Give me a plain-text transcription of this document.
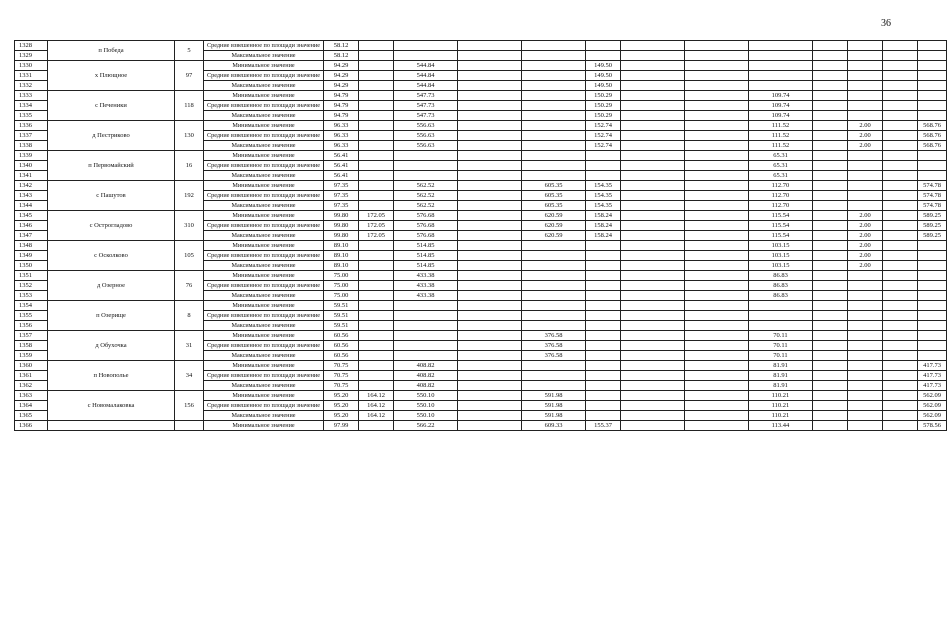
36
1328	п Победа	5	Средние взвешенное по площади значение	58.12												
1329			Максимальное значение	58.12												
1330	х Плющное	97	Минимальное значение	94.29		544.84			149.50							
1331			Средние взвешенное по площади значение	94.29		544.84			149.50							
1332			Максимальное значение	94.29		544.84			149.50							
1333	с Печеники	118	Минимальное значение	94.79		547.73			150.29			109.74				
1334			Средние взвешенное по площади значение	94.79		547.73			150.29			109.74				
1335			Максимальное значение	94.79		547.73			150.29			109.74				
1336	д Пестриково	130	Минимальное значение	96.33		556.63			152.74			111.52		2.00		568.76
1337			Средние взвешенное по площади значение	96.33		556.63			152.74			111.52		2.00		568.76
1338			Максимальное значение	96.33		556.63			152.74			111.52		2.00		568.76
1339	п Первомайский	16	Минимальное значение	56.41								65.31				
1340			Средние взвешенное по площади значение	56.41								65.31				
1341			Максимальное значение	56.41								65.31				
1342	с Пашутов	192	Минимальное значение	97.35		562.52		605.35	154.35			112.70				574.78
1343			Средние взвешенное по площади значение	97.35		562.52		605.35	154.35			112.70				574.78
1344			Максимальное значение	97.35		562.52		605.35	154.35			112.70				574.78
1345	с Острогладово	310	Минимальное значение	99.80	172.05	576.68		620.59	158.24			115.54		2.00		589.25
1346			Средние взвешенное по площади значение	99.80	172.05	576.68		620.59	158.24			115.54		2.00		589.25
1347			Максимальное значение	99.80	172.05	576.68		620.59	158.24			115.54		2.00		589.25
1348	с Осколково	105	Минимальное значение	89.10		514.85						103.15		2.00		
1349			Средние взвешенное по площади значение	89.10		514.85						103.15		2.00		
1350			Максимальное значение	89.10		514.85						103.15		2.00		
1351	д Озерное	76	Минимальное значение	75.00		433.38						86.83				
1352			Средние взвешенное по площади значение	75.00		433.38						86.83				
1353			Максимальное значение	75.00		433.38						86.83				
1354	п Озерище	8	Минимальное значение	59.51												
1355			Средние взвешенное по площади значение	59.51												
1356			Максимальное значение	59.51												
1357	д Обухочка	31	Минимальное значение	60.56				376.58				70.11				
1358			Средние взвешенное по площади значение	60.56				376.58				70.11				
1359			Максимальное значение	60.56				376.58				70.11				
1360	п Новополье	34	Минимальное значение	70.75		408.82						81.91				417.73
1361			Средние взвешенное по площади значение	70.75		408.82						81.91				417.73
1362			Максимальное значение	70.75		408.82						81.91				417.73
1363	с Новомалаковка	156	Минимальное значение	95.20	164.12	550.10		591.98				110.21				562.09
1364			Средние взвешенное по площади значение	95.20	164.12	550.10		591.98				110.21				562.09
1365			Максимальное значение	95.20	164.12	550.10		591.98				110.21				562.09
1366			Минимальное значение	97.99		566.22		609.33	155.37			113.44				578.56
